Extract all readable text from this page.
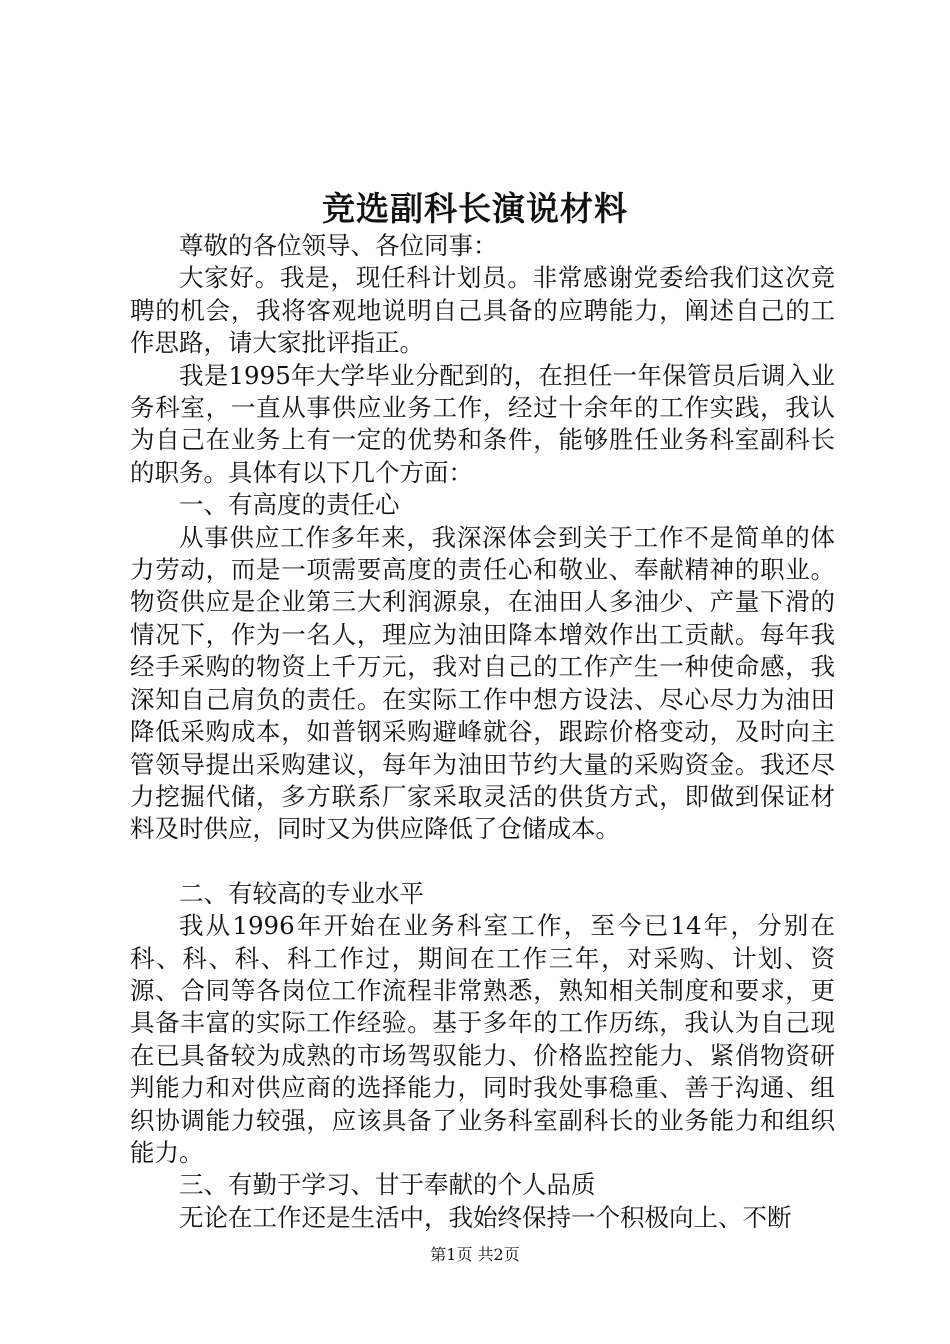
竞选副科长演说材料

尊敬的各位领导、各位同事：

大家好。我是，现任科计划员。非常感谢党委给我们这次竞聘的机会，我将客观地说明自己具备的应聘能力，阐述自己的工作思路，请大家批评指正。

我是1995年大学毕业分配到的，在担任一年保管员后调入业务科室，一直从事供应业务工作，经过十余年的工作实践，我认为自己在业务上有一定的优势和条件，能够胜任业务科室副科长的职务。具体有以下几个方面：

一、有高度的责任心

从事供应工作多年来，我深深体会到关于工作不是简单的体力劳动，而是一项需要高度的责任心和敬业、奉献精神的职业。物资供应是企业第三大利润源泉，在油田人多油少、产量下滑的情况下，作为一名人，理应为油田降本增效作出工贡献。每年我经手采购的物资上千万元，我对自己的工作产生一种使命感，我深知自己肩负的责任。在实际工作中想方设法、尽心尽力为油田降低采购成本，如普钢采购避峰就谷，跟踪价格变动，及时向主管领导提出采购建议，每年为油田节约大量的采购资金。我还尽力挖掘代储，多方联系厂家采取灵活的供货方式，即做到保证材料及时供应，同时又为供应降低了仓储成本。

二、有较高的专业水平

我从1996年开始在业务科室工作，至今已14年，分别在科、科、科、科工作过，期间在工作三年，对采购、计划、资源、合同等各岗位工作流程非常熟悉，熟知相关制度和要求，更具备丰富的实际工作经验。基于多年的工作历练，我认为自己现在已具备较为成熟的市场驾驭能力、价格监控能力、紧俏物资研判能力和对供应商的选择能力，同时我处事稳重、善于沟通、组织协调能力较强，应该具备了业务科室副科长的业务能力和组织能力。

三、有勤于学习、甘于奉献的个人品质

无论在工作还是生活中，我始终保持一个积极向上、不断

第1页 共2页
